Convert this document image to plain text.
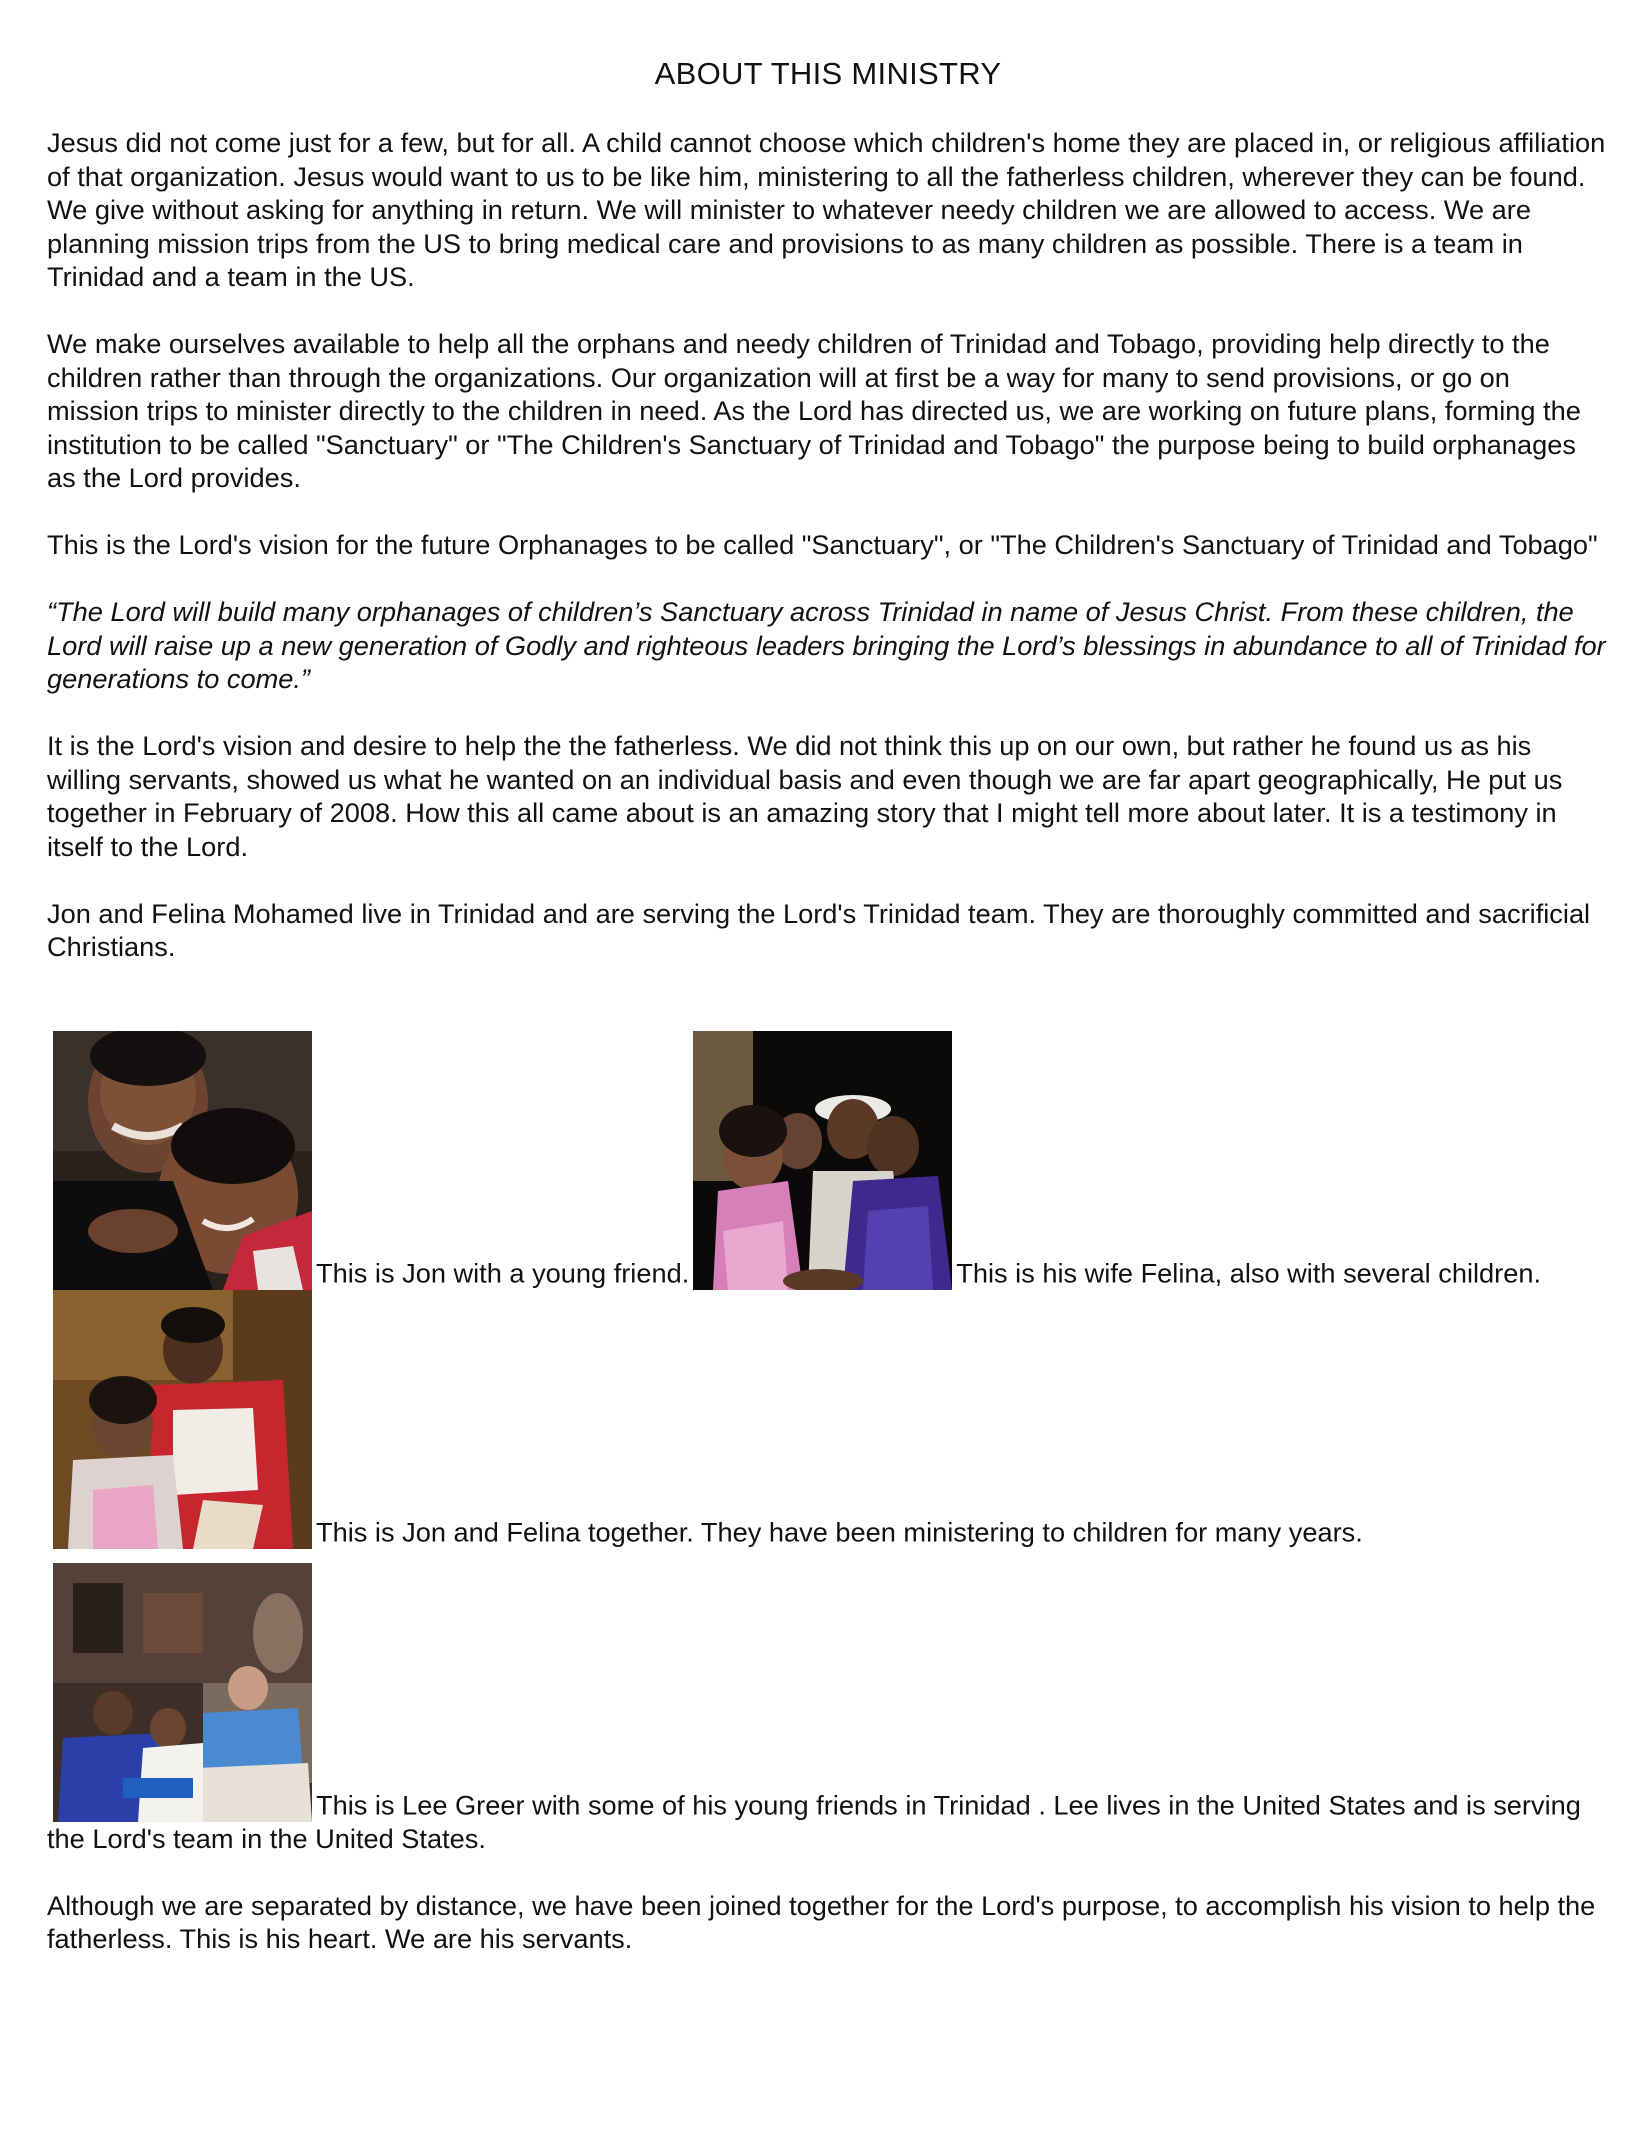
ABOUT THIS MINISTRY

Jesus did not come just for a few, but for all. A child cannot choose which children's home they are placed in, or religious affiliation of that organization. Jesus would want to us to be like him, ministering to all the fatherless children, wherever they can be found. We give without asking for anything in return. We will minister to whatever needy children we are allowed to access. We are planning mission trips from the US to bring medical care and provisions to as many children as possible. There is a team in Trinidad and a team in the US.

We make ourselves available to help all the orphans and needy children of Trinidad and Tobago, providing help directly to the children rather than through the organizations. Our organization will at first be a way for many to send provisions, or go on mission trips to minister directly to the children in need. As the Lord has directed us, we are working on future plans, forming the institution to be called "Sanctuary" or "The Children's Sanctuary of Trinidad and Tobago" the purpose being to build orphanages as the Lord provides.

This is the Lord's vision for the future Orphanages to be called "Sanctuary", or "The Children's Sanctuary of Trinidad and Tobago"

“The Lord will build many orphanages of children’s Sanctuary across Trinidad in name of Jesus Christ. From these children, the Lord will raise up a new generation of Godly and righteous leaders bringing the Lord’s blessings in abundance to all of Trinidad for generations to come.”

It is the Lord's vision and desire to help the the fatherless. We did not think this up on our own, but rather he found us as his willing servants, showed us what he wanted on an individual basis and even though we are far apart geographically, He put us together in February of 2008. How this all came about is an amazing story that I might tell more about later. It is a testimony in itself to the Lord.

Jon and Felina Mohamed live in Trinidad and are serving the Lord's Trinidad team. They are thoroughly committed and sacrificial Christians.

This is Jon with a young friend.	This is his wife Felina, also with several children.

This is Jon and Felina together. They have been ministering to children for many years.

This is Lee Greer with some of his young friends in Trinidad . Lee lives in the United States and is serving the Lord's team in the United States.

Although we are separated by distance, we have been joined together for the Lord's purpose, to accomplish his vision to help the fatherless. This is his heart. We are his servants.
